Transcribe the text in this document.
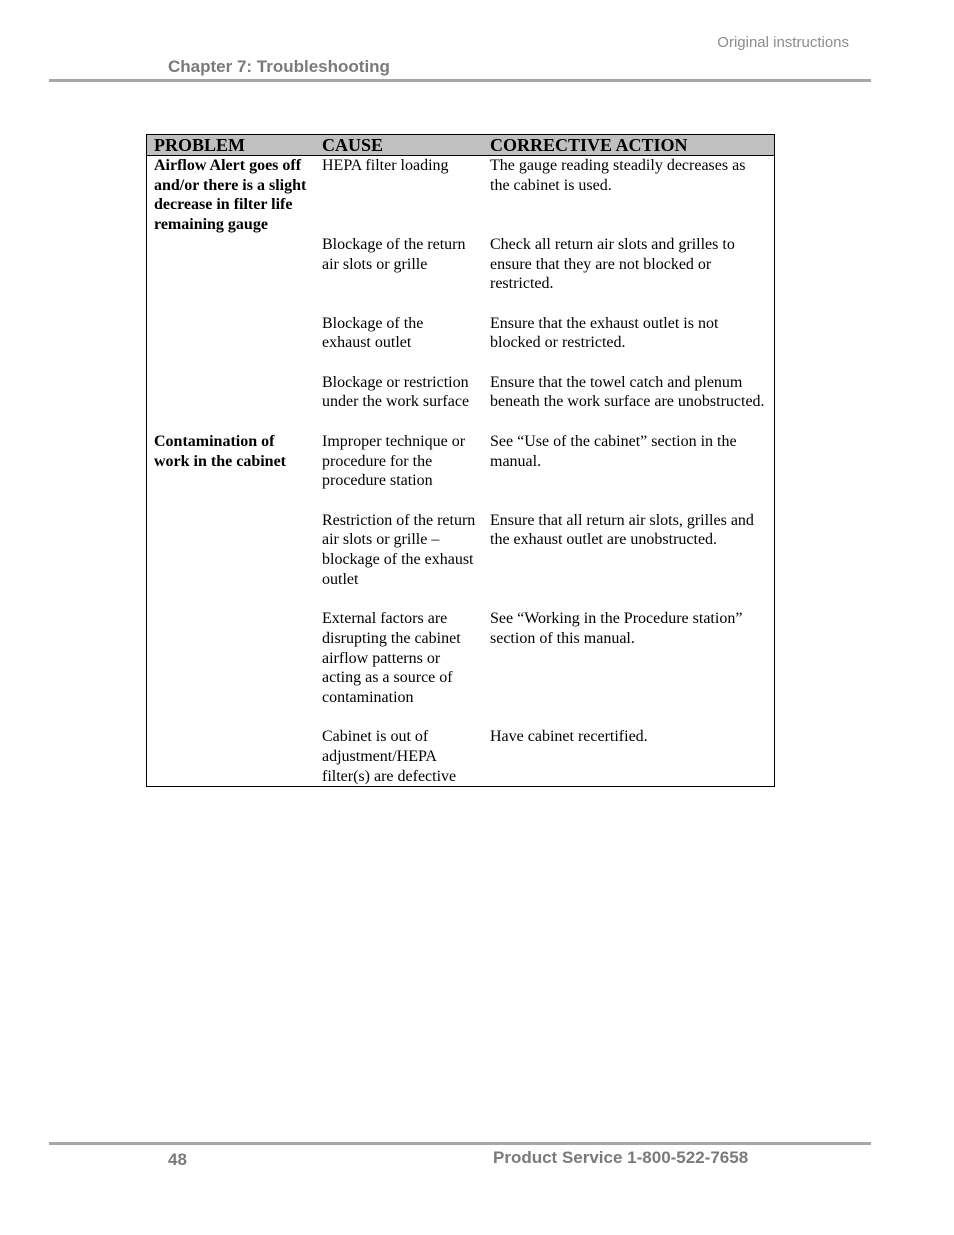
Original instructions
Chapter 7: Troubleshooting
PROBLEM	CAUSE	CORRECTIVE ACTION
Airflow Alert goes off and/or there is a slight decrease in filter life remaining gauge	HEPA filter loading	The gauge reading steadily decreases as the cabinet is used.
	Blockage of the return air slots or grille	Check all return air slots and grilles to ensure that they are not blocked or restricted.
	Blockage of the exhaust outlet	Ensure that the exhaust outlet is not blocked or restricted.
	Blockage or restriction under the work surface	Ensure that the towel catch and plenum beneath the work surface are unobstructed.
Contamination of work in the cabinet	Improper technique or procedure for the procedure station	See “Use of the cabinet” section in the manual.
	Restriction of the return air slots or grille – blockage of the exhaust outlet	Ensure that all return air slots, grilles and the exhaust outlet are unobstructed.
	External factors are disrupting the cabinet airflow patterns or acting as a source of contamination	See “Working in the Procedure station” section of this manual.
	Cabinet is out of adjustment/HEPA filter(s) are defective	Have cabinet recertified.
48	Product Service 1-800-522-7658
